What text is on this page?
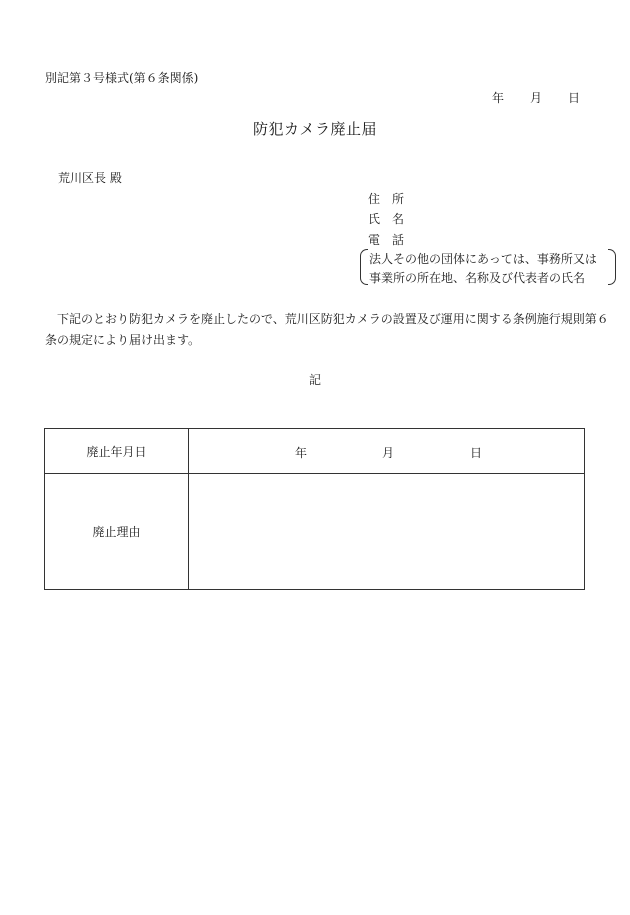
別記第３号様式(第６条関係)
年 月 日
防犯カメラ廃止届
荒川区長 殿
住 所
氏 名
電 話
法人その他の団体にあっては、事務所又は
事業所の所在地、名称及び代表者の氏名
下記のとおり防犯カメラを廃止したので、荒川区防犯カメラの設置及び運用に関する条例施行規則第６条の規定により届け出ます。
記
廃止年月日	年 月 日

廃止理由	
